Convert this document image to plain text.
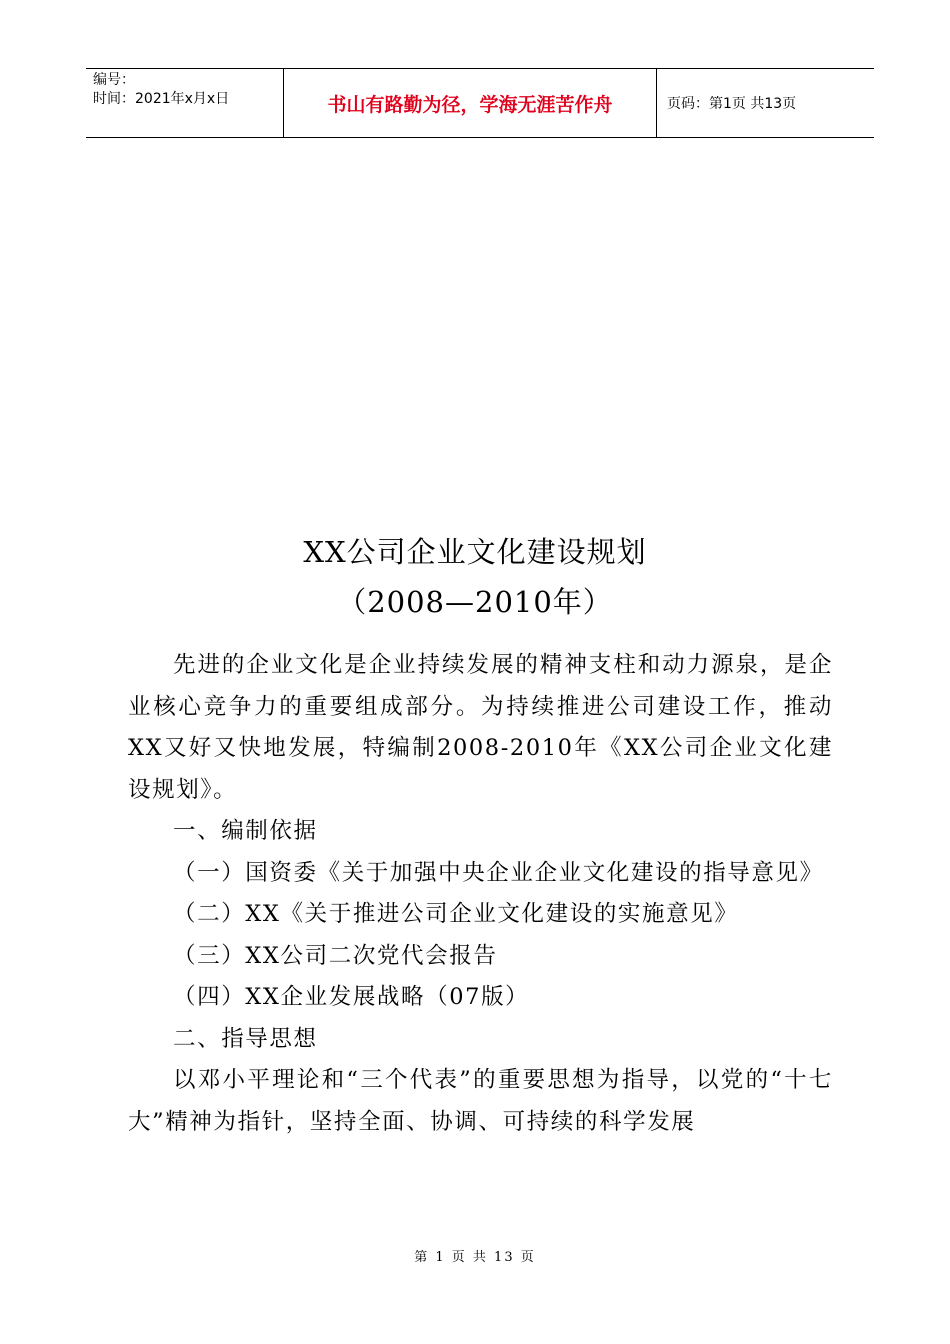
编号：
时间：2021年x月x日	书山有路勤为径，学海无涯苦作舟	页码：第1页 共13页
XX公司企业文化建设规划
（2008—2010年）

先进的企业文化是企业持续发展的精神支柱和动力源泉，是企业核心竞争力的重要组成部分。为持续推进公司建设工作，推动XX又好又快地发展，特编制2008-2010年《XX公司企业文化建设规划》。

一、编制依据

（一）国资委《关于加强中央企业企业文化建设的指导意见》

（二）XX《关于推进公司企业文化建设的实施意见》

（三）XX公司二次党代会报告

（四）XX企业发展战略（07版）

二、指导思想

以邓小平理论和“三个代表”的重要思想为指导，以党的“十七大”精神为指针，坚持全面、协调、可持续的科学发展

第 1 页 共 13 页
